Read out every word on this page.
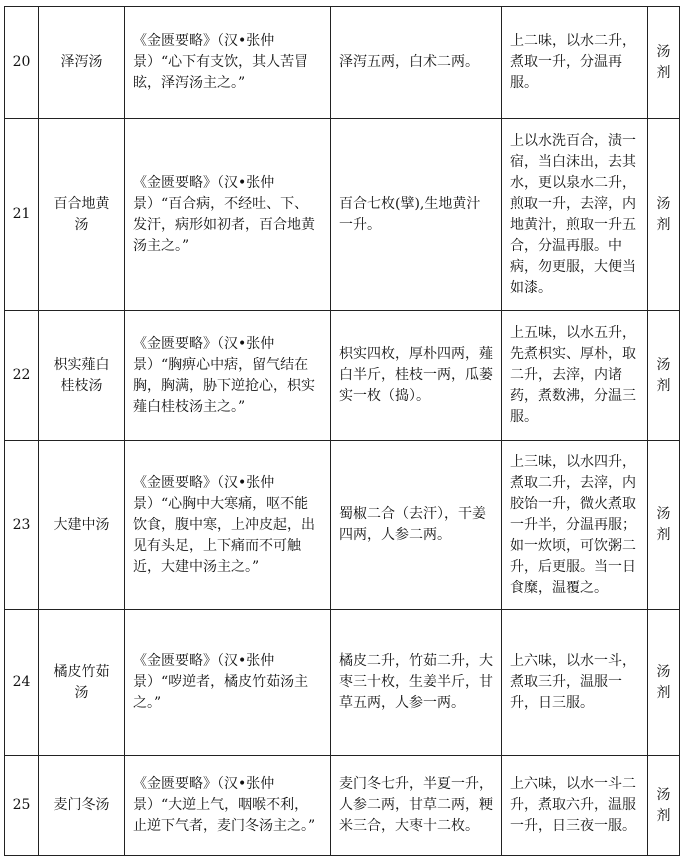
20	泽泻汤	《金匮要略》（汉•张仲景）“心下有支饮，其人苦冒眩，泽泻汤主之。”	泽泻五两，白术二两。	上二味，以水二升，煮取一升，分温再服。	汤剂
21	百合地黄汤	《金匮要略》（汉•张仲景）“百合病，不经吐、下、发汗，病形如初者，百合地黄汤主之。”	百合七枚(擘),生地黄汁一升。	上以水洗百合，渍一宿，当白沫出，去其水，更以泉水二升，煎取一升，去滓，内地黄汁，煎取一升五合，分温再服。中病，勿更服，大便当如漆。	汤剂
22	枳实薤白桂枝汤	《金匮要略》（汉•张仲景）“胸痹心中痞，留气结在胸，胸满，胁下逆抢心，枳实薤白桂枝汤主之。”	枳实四枚，厚朴四两，薤白半斤，桂枝一两，瓜蒌实一枚（捣）。	上五味，以水五升，先煮枳实、厚朴，取二升，去滓，内诸药，煮数沸，分温三服。	汤剂
23	大建中汤	《金匮要略》（汉•张仲景）“心胸中大寒痛，呕不能饮食，腹中寒，上冲皮起，出见有头足，上下痛而不可触近，大建中汤主之。”	蜀椒二合（去汗），干姜四两，人参二两。	上三味，以水四升，煮取二升，去滓，内胶饴一升，微火煮取一升半，分温再服；如一炊顷，可饮粥二升，后更服。当一日食糜，温覆之。	汤剂
24	橘皮竹茹汤	《金匮要略》（汉•张仲景）“哕逆者，橘皮竹茹汤主之。”	橘皮二升，竹茹二升，大枣三十枚，生姜半斤，甘草五两，人参一两。	上六味，以水一斗，煮取三升，温服一升，日三服。	汤剂
25	麦门冬汤	《金匮要略》（汉•张仲景）“大逆上气，咽喉不利，止逆下气者，麦门冬汤主之。”	麦门冬七升，半夏一升，人参二两，甘草二两，粳米三合，大枣十二枚。	上六味，以水一斗二升，煮取六升，温服一升，日三夜一服。	汤剂
